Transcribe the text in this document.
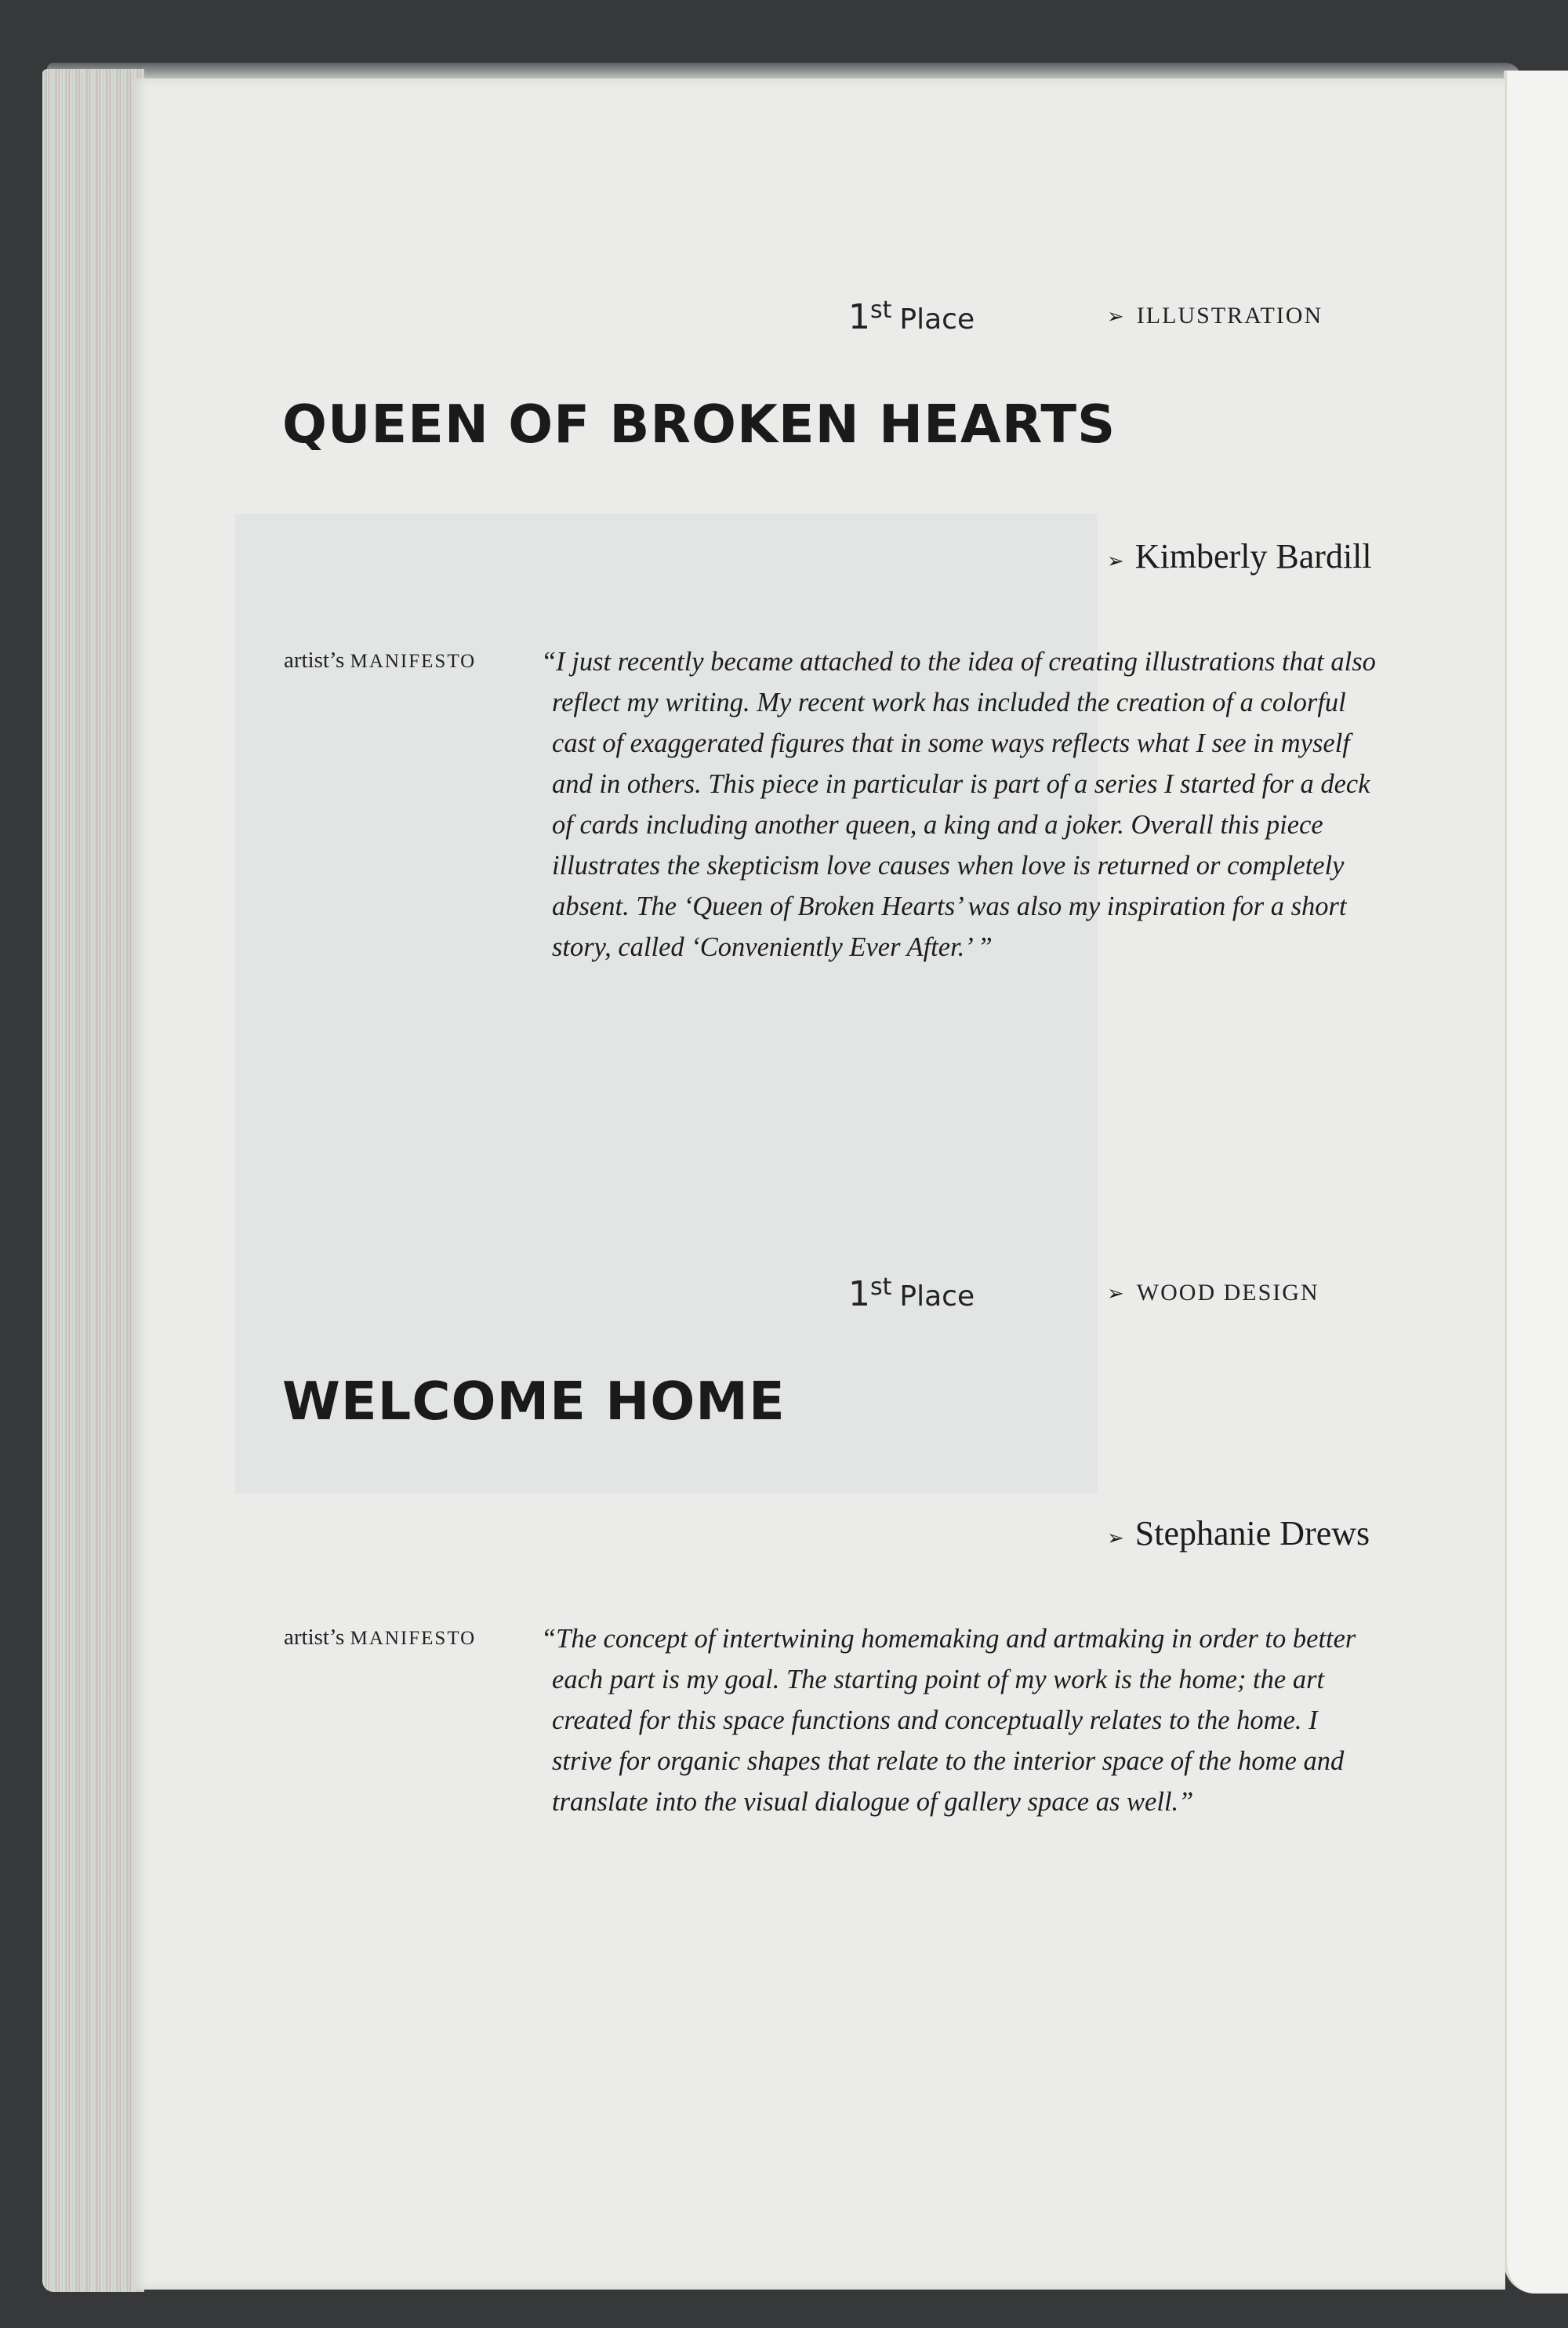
1st Place	➢ ILLUSTRATION
QUEEN OF BROKEN HEARTS
➢ Kimberly Bardill
artist’s MANIFESTO “I just recently became attached to the idea of creating illustrations that also reflect my writing. My recent work has included the creation of a colorful cast of exaggerated figures that in some ways reflects what I see in myself and in others. This piece in particular is part of a series I started for a deck of cards including another queen, a king and a joker. Overall this piece illustrates the skepticism love causes when love is returned or completely absent. The ‘Queen of Broken Hearts’ was also my inspiration for a short story, called ‘Conveniently Ever After.’ ”

1st Place	➢ WOOD DESIGN
WELCOME HOME
➢ Stephanie Drews
artist’s MANIFESTO “The concept of intertwining homemaking and artmaking in order to better each part is my goal. The starting point of my work is the home; the art created for this space functions and conceptually relates to the home. I strive for organic shapes that relate to the interior space of the home and translate into the visual dialogue of gallery space as well.”
